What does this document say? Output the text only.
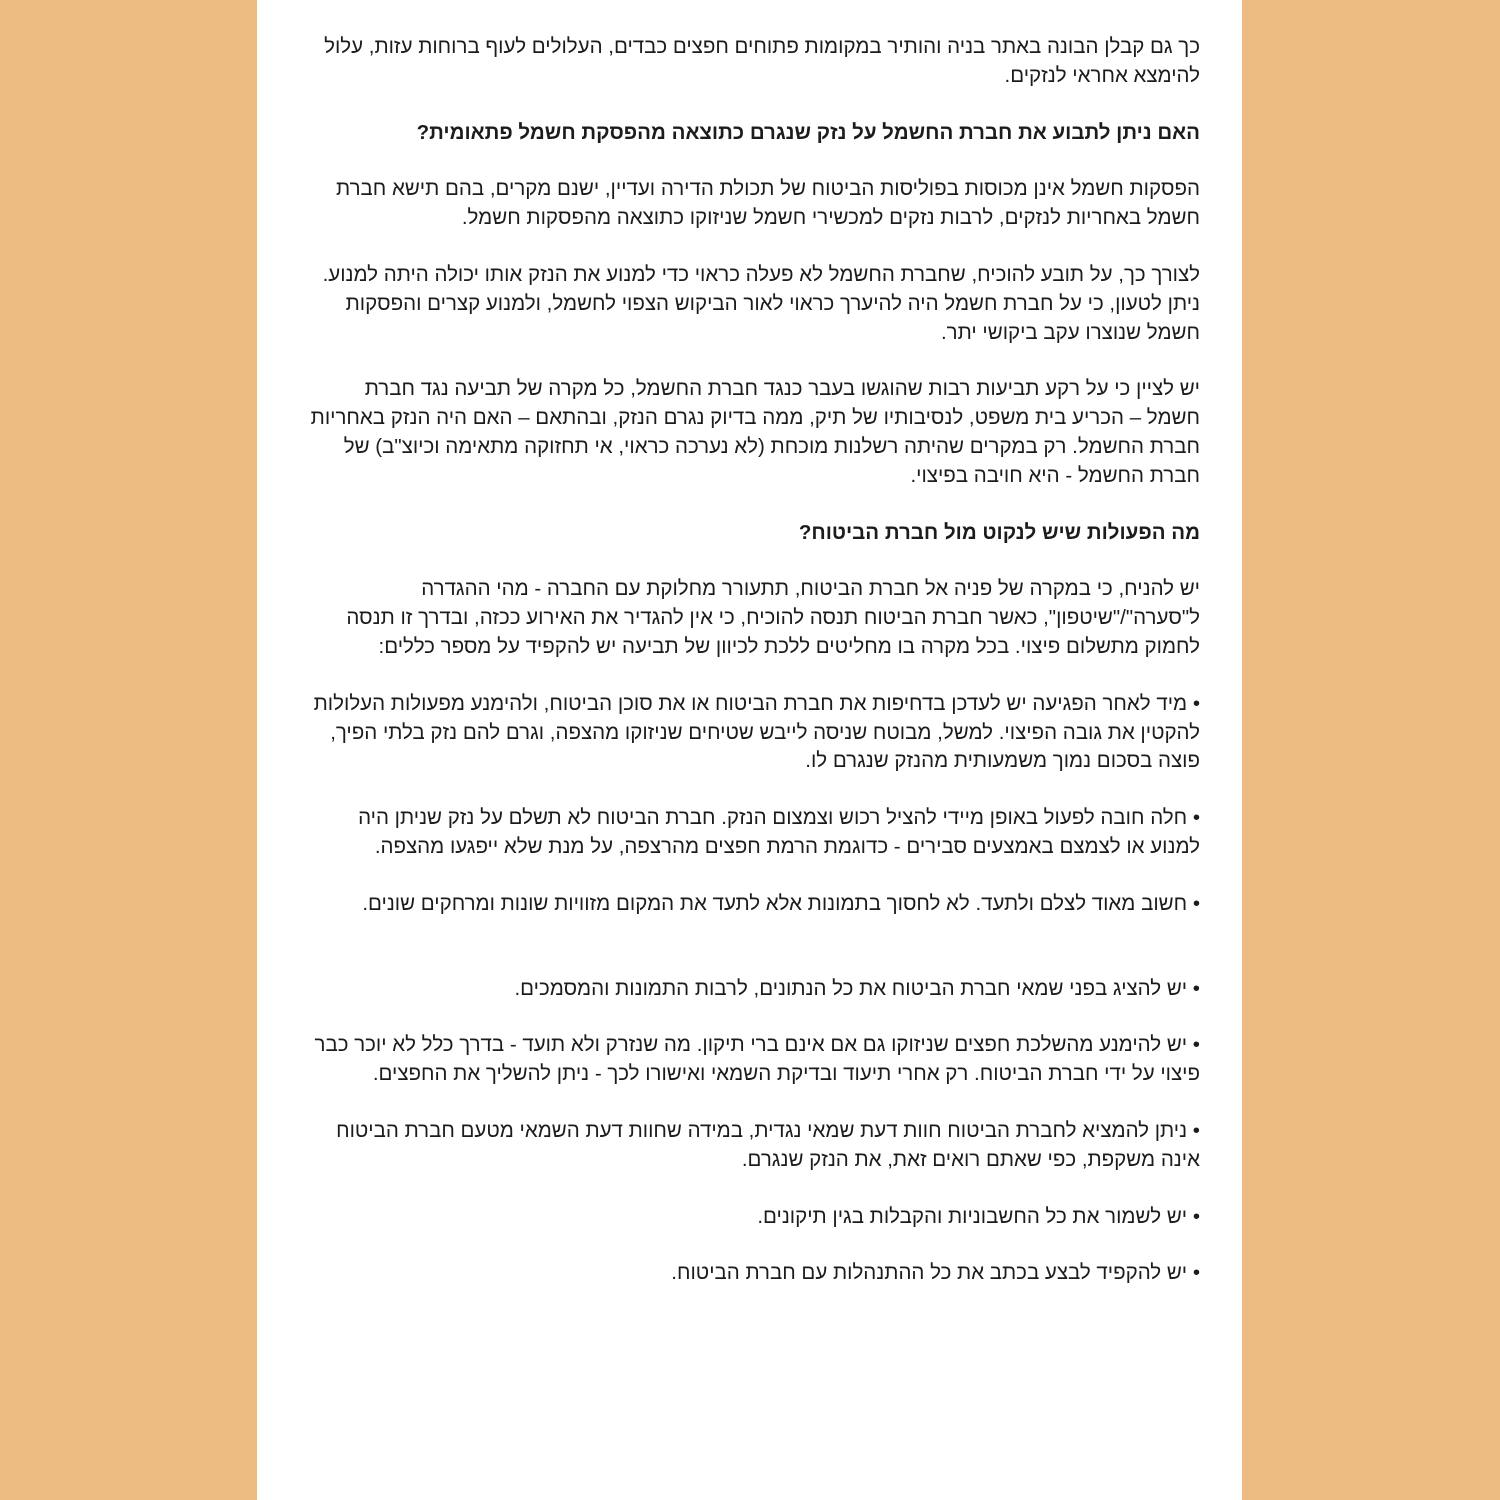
כך גם קבלן הבונה באתר בניה והותיר במקומות פתוחים חפצים כבדים, העלולים לעוף ברוחות עזות, עלול להימצא אחראי לנזקים.

האם ניתן לתבוע את חברת החשמל על נזק שנגרם כתוצאה מהפסקת חשמל פתאומית?

הפסקות חשמל אינן מכוסות בפוליסות הביטוח של תכולת הדירה ועדיין, ישנם מקרים, בהם תישא חברת חשמל באחריות לנזקים, לרבות נזקים למכשירי חשמל שניזוקו כתוצאה מהפסקות חשמל.

לצורך כך, על תובע להוכיח, שחברת החשמל לא פעלה כראוי כדי למנוע את הנזק אותו יכולה היתה למנוע. ניתן לטעון, כי על חברת חשמל היה להיערך כראוי לאור הביקוש הצפוי לחשמל, ולמנוע קצרים והפסקות חשמל שנוצרו עקב ביקושי יתר.

יש לציין כי על רקע תביעות רבות שהוגשו בעבר כנגד חברת החשמל, כל מקרה של תביעה נגד חברת חשמל – הכריע בית משפט, לנסיבותיו של תיק, ממה בדיוק נגרם הנזק, ובהתאם – האם היה הנזק באחריות חברת החשמל. רק במקרים שהיתה רשלנות מוכחת (לא נערכה כראוי, אי תחזוקה מתאימה וכיוצ"ב) של חברת החשמל - היא חויבה בפיצוי.

מה הפעולות שיש לנקוט מול חברת הביטוח?

יש להניח, כי במקרה של פניה אל חברת הביטוח, תתעורר מחלוקת עם החברה - מהי ההגדרה ל"סערה"/"שיטפון", כאשר חברת הביטוח תנסה להוכיח, כי אין להגדיר את האירוע ככזה, ובדרך זו תנסה לחמוק מתשלום פיצוי. בכל מקרה בו מחליטים ללכת לכיוון של תביעה יש להקפיד על מספר כללים:

• מיד לאחר הפגיעה יש לעדכן בדחיפות את חברת הביטוח או את סוכן הביטוח, ולהימנע מפעולות העלולות להקטין את גובה הפיצוי. למשל, מבוטח שניסה לייבש שטיחים שניזוקו מהצפה, וגרם להם נזק בלתי הפיך, פוצה בסכום נמוך משמעותית מהנזק שנגרם לו.

• חלה חובה לפעול באופן מיידי להציל רכוש וצמצום הנזק. חברת הביטוח לא תשלם על נזק שניתן היה למנוע או לצמצם באמצעים סבירים - כדוגמת הרמת חפצים מהרצפה, על מנת שלא ייפגעו מהצפה.

• חשוב מאוד לצלם ולתעד. לא לחסוך בתמונות אלא לתעד את המקום מזוויות שונות ומרחקים שונים.

• יש להציג בפני שמאי חברת הביטוח את כל הנתונים, לרבות התמונות והמסמכים.

• יש להימנע מהשלכת חפצים שניזוקו גם אם אינם ברי תיקון. מה שנזרק ולא תועד - בדרך כלל לא יוכר כבר פיצוי על ידי חברת הביטוח. רק אחרי תיעוד ובדיקת השמאי ואישורו לכך - ניתן להשליך את החפצים.

• ניתן להמציא לחברת הביטוח חוות דעת שמאי נגדית, במידה שחוות דעת השמאי מטעם חברת הביטוח אינה משקפת, כפי שאתם רואים זאת, את הנזק שנגרם.

• יש לשמור את כל החשבוניות והקבלות בגין תיקונים.

• יש להקפיד לבצע בכתב את כל ההתנהלות עם חברת הביטוח.
